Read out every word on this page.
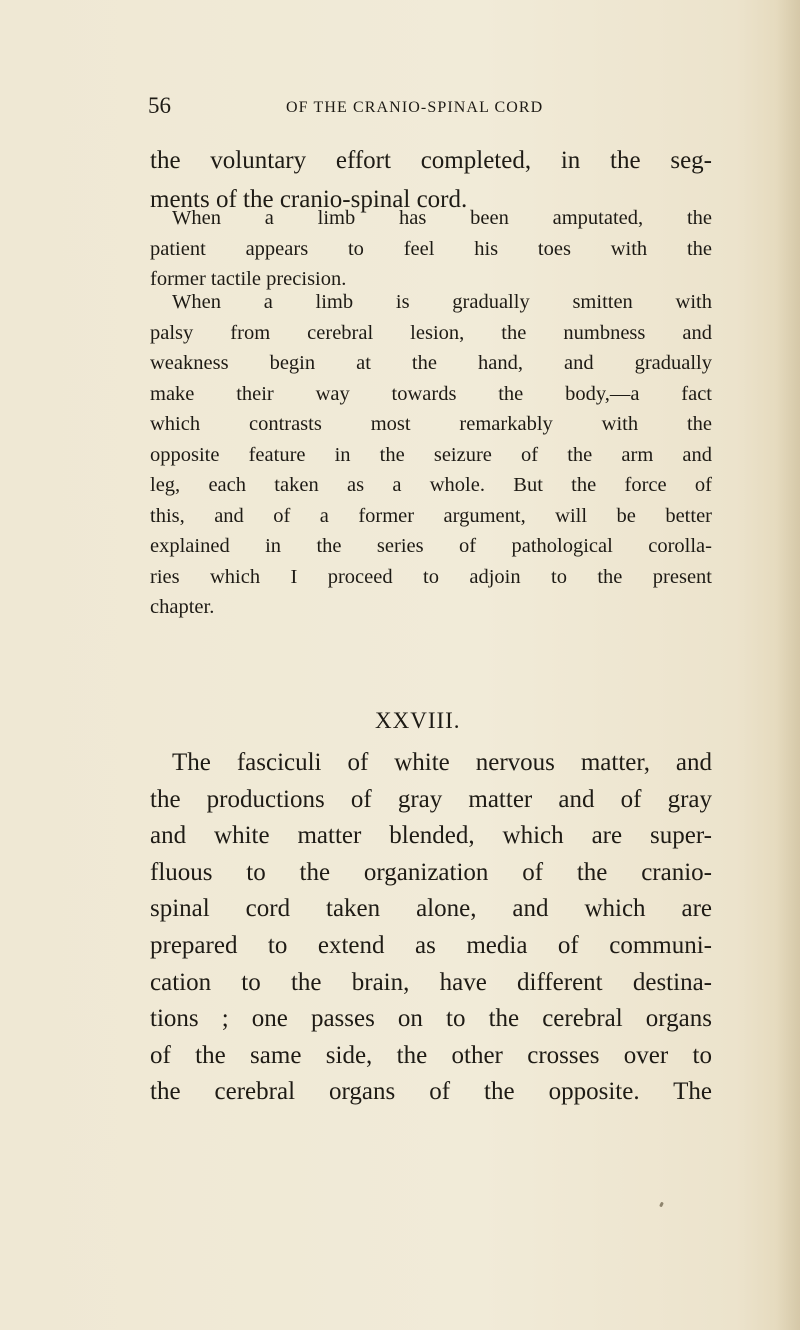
56	OF THE CRANIO-SPINAL CORD
the voluntary effort completed, in the seg-
ments of the cranio-spinal cord.
When a limb has been amputated, the
patient appears to feel his toes with the
former tactile precision.
When a limb is gradually smitten with
palsy from cerebral lesion, the numbness and
weakness begin at the hand, and gradually
make their way towards the body,—a fact
which contrasts most remarkably with the
opposite feature in the seizure of the arm and
leg, each taken as a whole. But the force of
this, and of a former argument, will be better
explained in the series of pathological corolla-
ries which I proceed to adjoin to the present
chapter.
XXVIII.
The fasciculi of white nervous matter, and
the productions of gray matter and of gray
and white matter blended, which are super-
fluous to the organization of the cranio-
spinal cord taken alone, and which are
prepared to extend as media of communi-
cation to the brain, have different destina-
tions ; one passes on to the cerebral organs
of the same side, the other crosses over to
the cerebral organs of the opposite. The
